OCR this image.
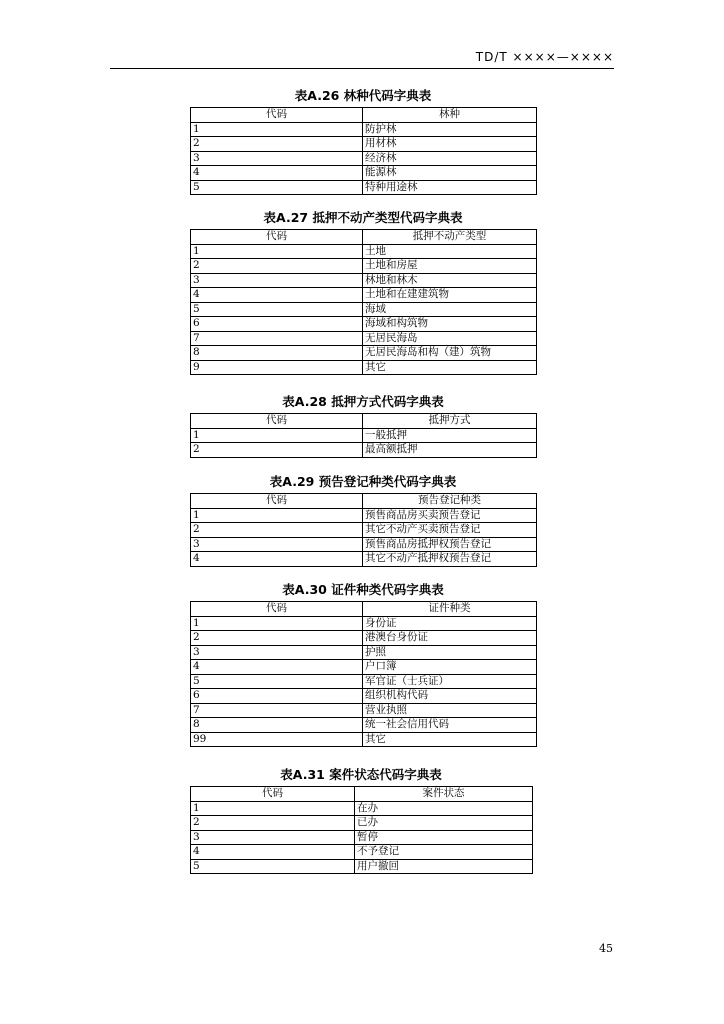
TD/T ××××—××××
表A.26 林种代码字典表
代码	林种
1	防护林
2	用材林
3	经济林
4	能源林
5	特种用途林
表A.27 抵押不动产类型代码字典表
代码	抵押不动产类型
1	土地
2	土地和房屋
3	林地和林木
4	土地和在建建筑物
5	海域
6	海域和构筑物
7	无居民海岛
8	无居民海岛和构（建）筑物
9	其它
表A.28 抵押方式代码字典表
代码	抵押方式
1	一般抵押
2	最高额抵押
表A.29 预告登记种类代码字典表
代码	预告登记种类
1	预售商品房买卖预告登记
2	其它不动产买卖预告登记
3	预售商品房抵押权预告登记
4	其它不动产抵押权预告登记
表A.30 证件种类代码字典表
代码	证件种类
1	身份证
2	港澳台身份证
3	护照
4	户口簿
5	军官证（士兵证）
6	组织机构代码
7	营业执照
8	统一社会信用代码
99	其它
表A.31 案件状态代码字典表
代码	案件状态
1	在办
2	已办
3	暂停
4	不予登记
5	用户撤回
45
